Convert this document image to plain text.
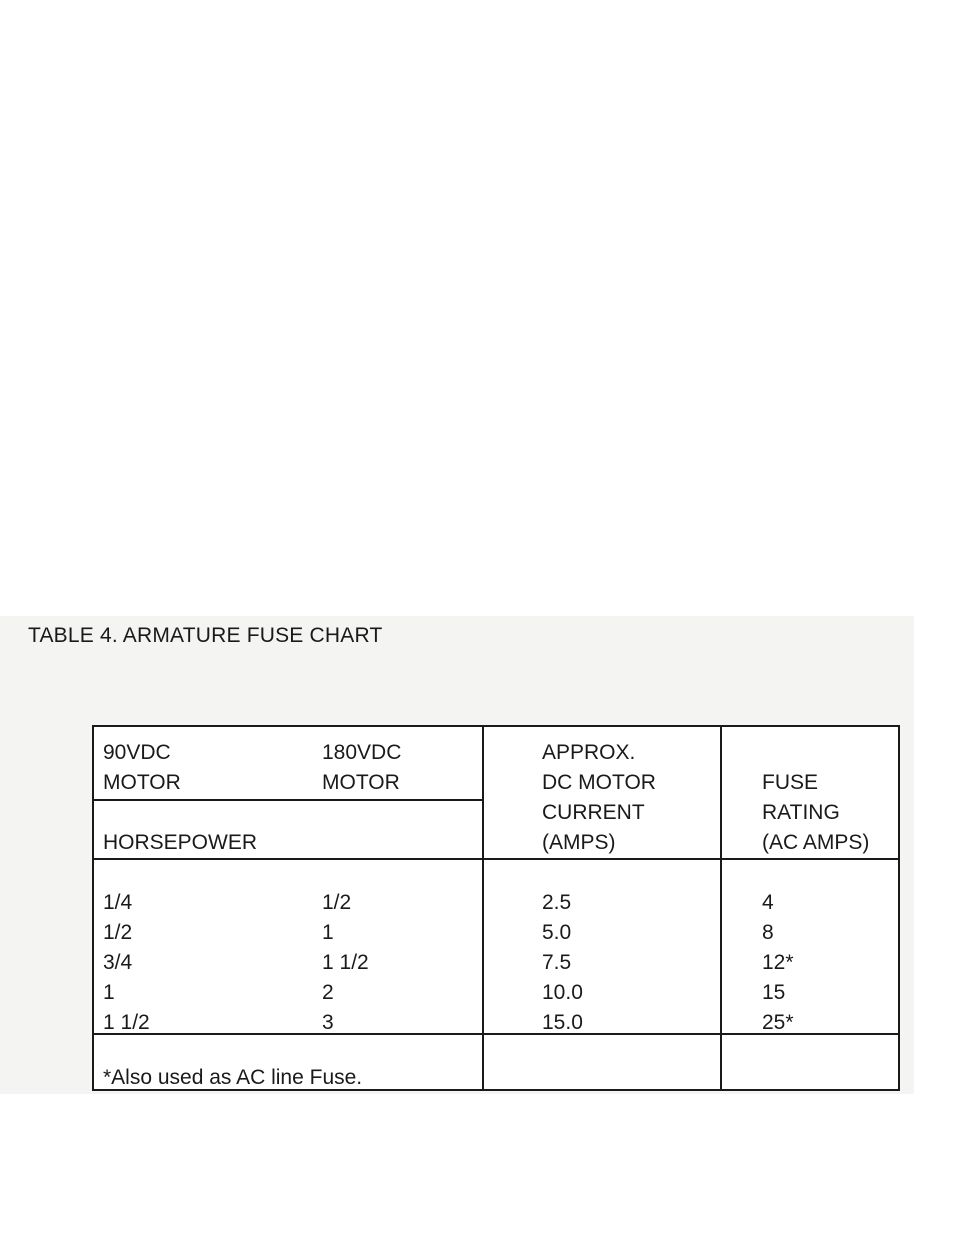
TABLE 4. ARMATURE FUSE CHART
90VDC
MOTOR
180VDC
MOTOR
HORSEPOWER
APPROX.
DC MOTOR
CURRENT
(AMPS)
FUSE
RATING
(AC AMPS)
1/4
1/2
3/4
1
1 1/2
1/2
1
1 1/2
2
3
2.5
5.0
7.5
10.0
15.0
4
8
12*
15
25*
*Also used as AC line Fuse.
